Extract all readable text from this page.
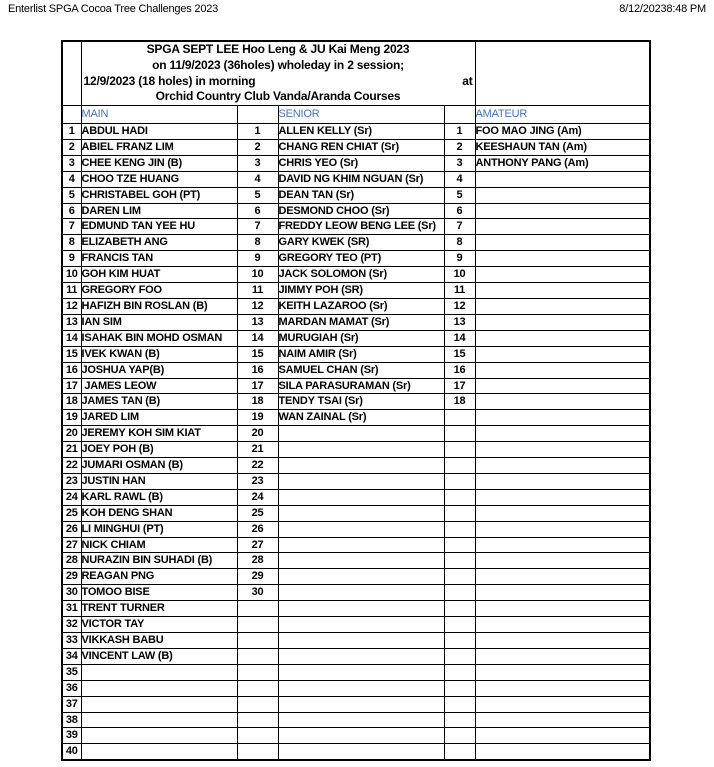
Enterlist SPGA Cocoa Tree Challenges 2023	8/12/20238:48 PM

	SPGA SEPT LEE Hoo Leng & JU Kai Meng 2023
on 11/9/2023 (36holes) wholeday in 2 session;
12/9/2023 (18 holes) in morning at
Orchid Country Club Vanda/Aranda Courses				

	MAIN		SENIOR		AMATEUR
1	ABDUL HADI	1	ALLEN KELLY (Sr)	1	FOO MAO JING (Am)
2	ABIEL FRANZ LIM	2	CHANG REN CHIAT (Sr)	2	KEESHAUN TAN (Am)
3	CHEE KENG JIN (B)	3	CHRIS YEO (Sr)	3	ANTHONY PANG (Am)
4	CHOO TZE HUANG	4	DAVID NG KHIM NGUAN (Sr)	4	
5	CHRISTABEL GOH (PT)	5	DEAN TAN (Sr)	5	
6	DAREN LIM	6	DESMOND CHOO (Sr)	6	
7	EDMUND TAN YEE HU	7	FREDDY LEOW BENG LEE (Sr)	7	
8	ELIZABETH ANG	8	GARY KWEK (SR)	8	
9	FRANCIS TAN	9	GREGORY TEO (PT)	9	
10	GOH KIM HUAT	10	JACK SOLOMON (Sr)	10	
11	GREGORY FOO	11	JIMMY POH (SR)	11	
12	HAFIZH BIN ROSLAN (B)	12	KEITH LAZAROO (Sr)	12	
13	IAN SIM	13	MARDAN MAMAT (Sr)	13	
14	ISAHAK BIN MOHD OSMAN	14	MURUGIAH (Sr)	14	
15	IVEK KWAN (B)	15	NAIM AMIR (Sr)	15	
16	JOSHUA YAP(B)	16	SAMUEL CHAN (Sr)	16	
17	JAMES LEOW	17	SILA PARASURAMAN (Sr)	17	
18	JAMES TAN (B)	18	TENDY TSAI (Sr)	18	
19	JARED LIM	19	WAN ZAINAL (Sr)		
20	JEREMY KOH SIM KIAT	20			
21	JOEY POH (B)	21			
22	JUMARI OSMAN (B)	22			
23	JUSTIN HAN	23			
24	KARL RAWL (B)	24			
25	KOH DENG SHAN	25			
26	LI MINGHUI (PT)	26			
27	NICK CHIAM	27			
28	NURAZIN BIN SUHADI (B)	28			
29	REAGAN PNG	29			
30	TOMOO BISE	30			
31	TRENT TURNER				
32	VICTOR TAY				
33	VIKKASH BABU				
34	VINCENT LAW (B)				
35					
36					
37					
38					
39					
40					
